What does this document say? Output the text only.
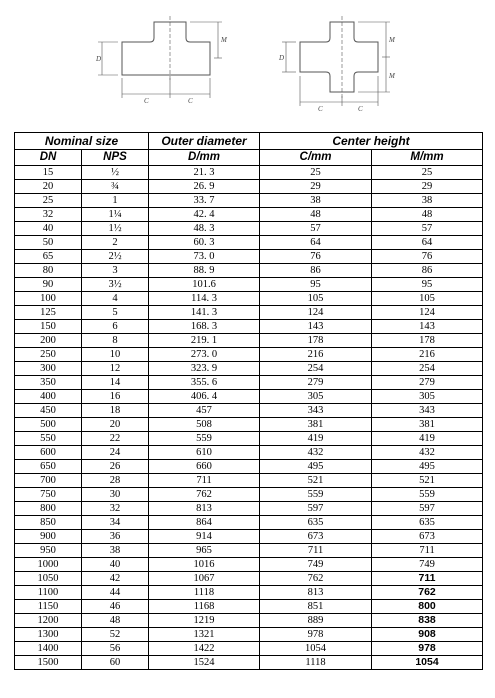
C	C
D
M
C	C
D
M
M
Nominal size		Outer diameter	Center height	
DN	NPS	D/mm	C/mm	M/mm
15	½	21. 3	25	25
20	¾	26. 9	29	29
25	1	33. 7	38	38
32	1¼	42. 4	48	48
40	1½	48. 3	57	57
50	2	60. 3	64	64
65	2½	73. 0	76	76
80	3	88. 9	86	86
90	3½	101.6	95	95
100	4	114. 3	105	105
125	5	141. 3	124	124
150	6	168. 3	143	143
200	8	219. 1	178	178
250	10	273. 0	216	216
300	12	323. 9	254	254
350	14	355. 6	279	279
400	16	406. 4	305	305
450	18	457	343	343
500	20	508	381	381
550	22	559	419	419
600	24	610	432	432
650	26	660	495	495
700	28	711	521	521
750	30	762	559	559
800	32	813	597	597
850	34	864	635	635
900	36	914	673	673
950	38	965	711	711
1000	40	1016	749	749
1050	42	1067	762	711
1100	44	1118	813	762
1150	46	1168	851	800
1200	48	1219	889	838
1300	52	1321	978	908
1400	56	1422	1054	978
1500	60	1524	1118	1054
